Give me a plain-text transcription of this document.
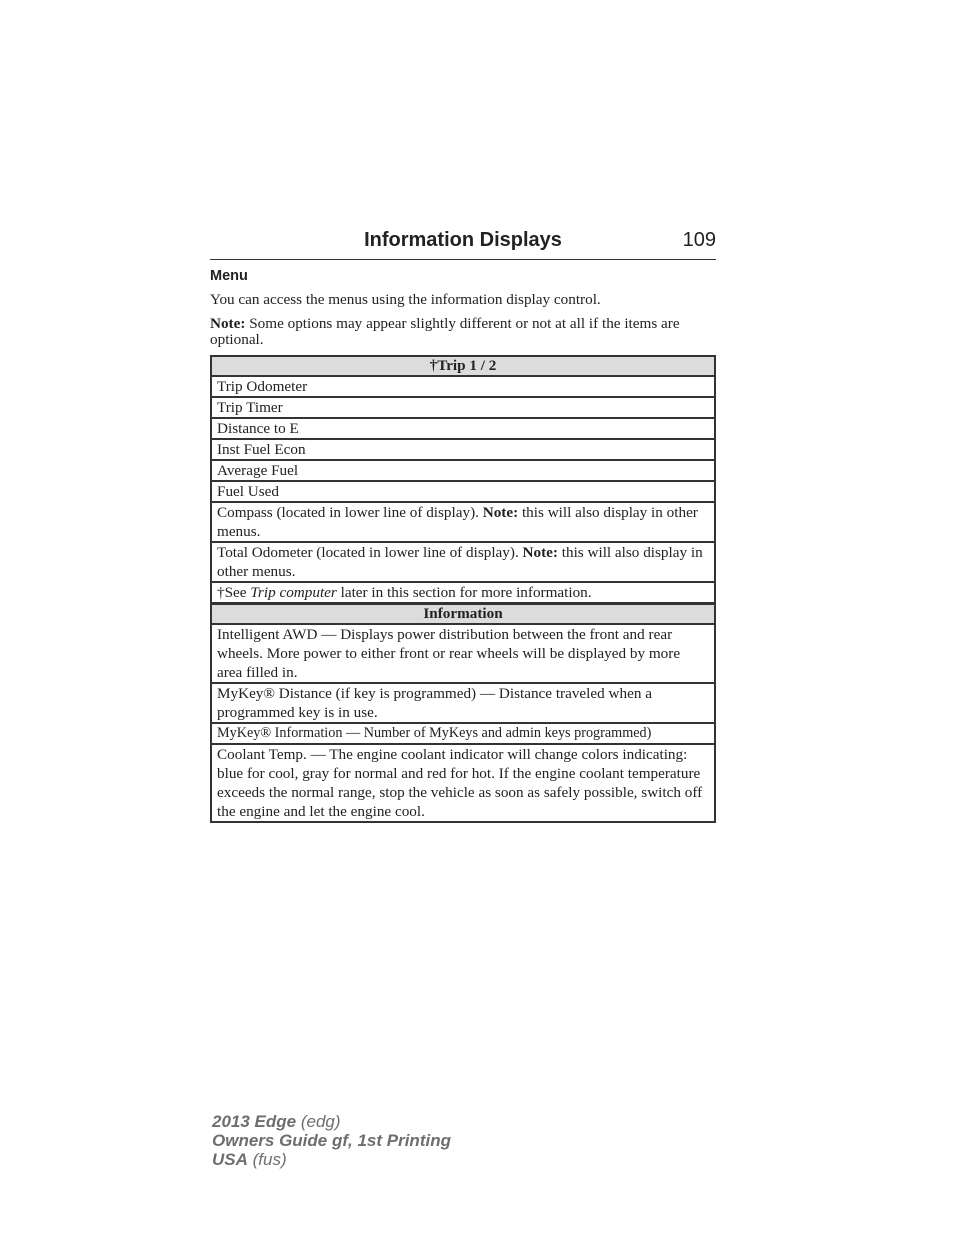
Information Displays	109
Menu
You can access the menus using the information display control.
Note: Some options may appear slightly different or not at all if the items are optional.
†Trip 1 / 2
Trip Odometer
Trip Timer
Distance to E
Inst Fuel Econ
Average Fuel
Fuel Used
Compass (located in lower line of display). Note: this will also display in other menus.
Total Odometer (located in lower line of display). Note: this will also display in other menus.
†See Trip computer later in this section for more information.
Information
Intelligent AWD — Displays power distribution between the front and rear wheels. More power to either front or rear wheels will be displayed by more area filled in.
MyKey® Distance (if key is programmed) — Distance traveled when a programmed key is in use.
MyKey® Information — Number of MyKeys and admin keys programmed)
Coolant Temp. — The engine coolant indicator will change colors indicating: blue for cool, gray for normal and red for hot. If the engine coolant temperature exceeds the normal range, stop the vehicle as soon as safely possible, switch off the engine and let the engine cool.
2013 Edge (edg)
Owners Guide gf, 1st Printing
USA (fus)
